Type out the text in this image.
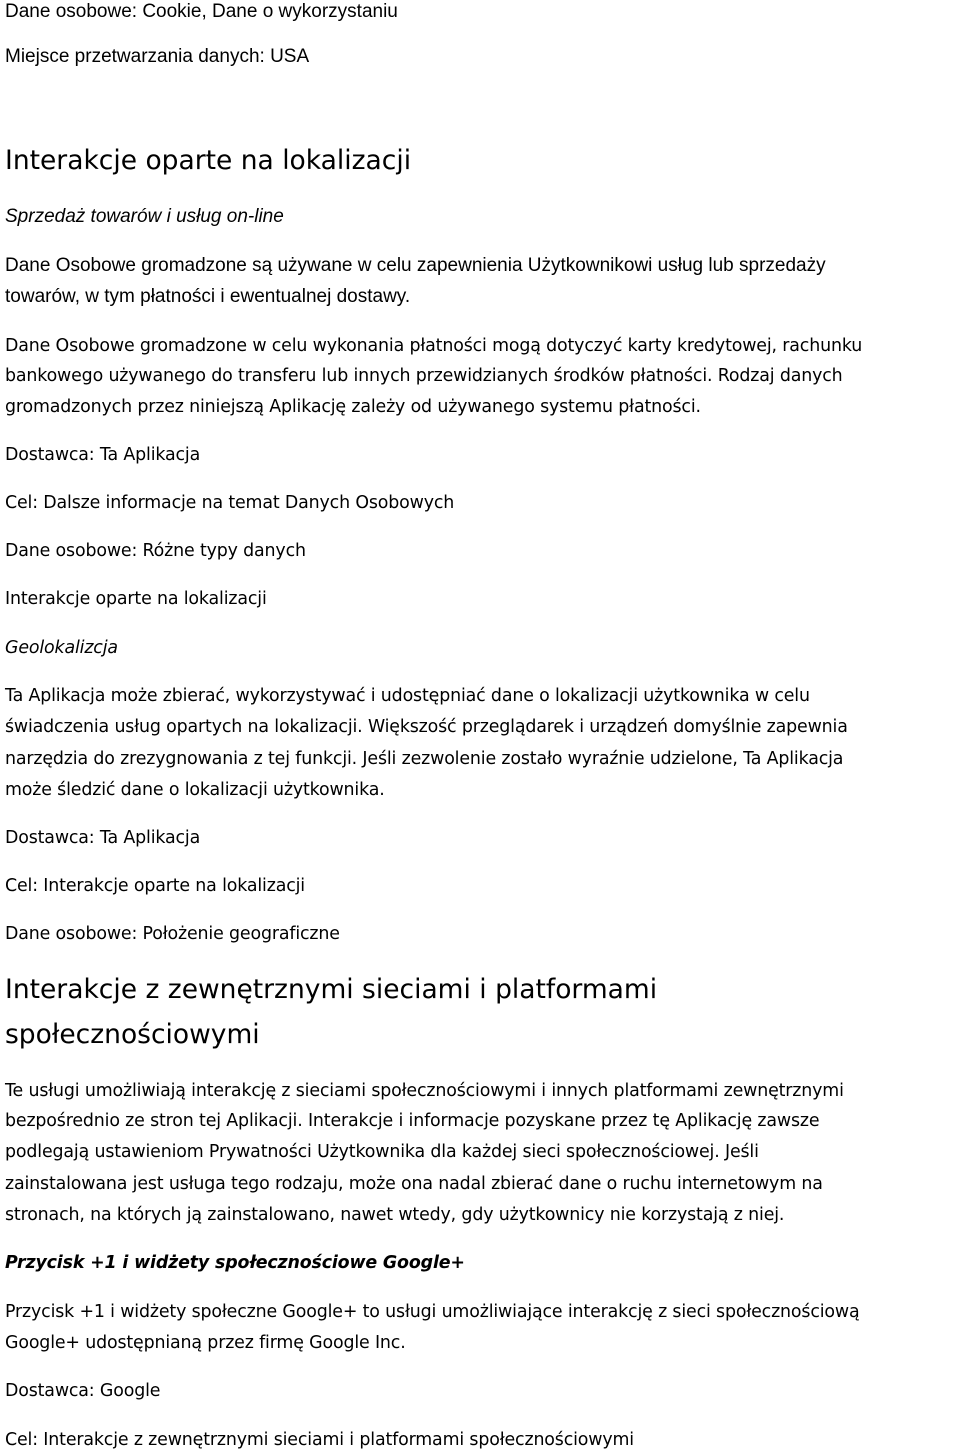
Dane osobowe: Cookie, Dane o wykorzystaniu
Miejsce przetwarzania danych: USA
Interakcje oparte na lokalizacji
Sprzedaż towarów i usług on-line
Dane Osobowe gromadzone są używane w celu zapewnienia Użytkownikowi usług lub sprzedaży
towarów, w tym płatności i ewentualnej dostawy.
Dane Osobowe gromadzone w celu wykonania płatności mogą dotyczyć karty kredytowej, rachunku
bankowego używanego do transferu lub innych przewidzianych środków płatności. Rodzaj danych
gromadzonych przez niniejszą Aplikację zależy od używanego systemu płatności.
Dostawca: Ta Aplikacja
Cel: Dalsze informacje na temat Danych Osobowych
Dane osobowe: Różne typy danych
Interakcje oparte na lokalizacji
Geolokalizcja
Ta Aplikacja może zbierać, wykorzystywać i udostępniać dane o lokalizacji użytkownika w celu
świadczenia usług opartych na lokalizacji. Większość przeglądarek i urządzeń domyślnie zapewnia
narzędzia do zrezygnowania z tej funkcji. Jeśli zezwolenie zostało wyraźnie udzielone, Ta Aplikacja
może śledzić dane o lokalizacji użytkownika.
Dostawca: Ta Aplikacja
Cel: Interakcje oparte na lokalizacji
Dane osobowe: Położenie geograficzne
Interakcje z zewnętrznymi sieciami i platformami
społecznościowymi
Te usługi umożliwiają interakcję z sieciami społecznościowymi i innych platformami zewnętrznymi
bezpośrednio ze stron tej Aplikacji. Interakcje i informacje pozyskane przez tę Aplikację zawsze
podlegają ustawieniom Prywatności Użytkownika dla każdej sieci społecznościowej. Jeśli
zainstalowana jest usługa tego rodzaju, może ona nadal zbierać dane o ruchu internetowym na
stronach, na których ją zainstalowano, nawet wtedy, gdy użytkownicy nie korzystają z niej.
Przycisk +1 i widżety społecznościowe Google+
Przycisk +1 i widżety społeczne Google+ to usługi umożliwiające interakcję z sieci społecznościową
Google+ udostępnianą przez firmę Google Inc.
Dostawca: Google
Cel: Interakcje z zewnętrznymi sieciami i platformami społecznościowymi
